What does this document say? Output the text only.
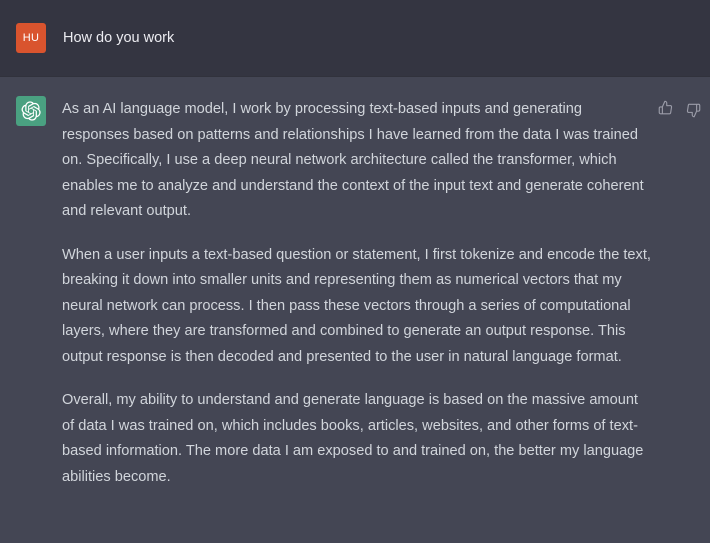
HU How do you work

As an AI language model, I work by processing text-based inputs and generating responses based on patterns and relationships I have learned from the data I was trained on. Specifically, I use a deep neural network architecture called the transformer, which enables me to analyze and understand the context of the input text and generate coherent and relevant output.

When a user inputs a text-based question or statement, I first tokenize and encode the text, breaking it down into smaller units and representing them as numerical vectors that my neural network can process. I then pass these vectors through a series of computational layers, where they are transformed and combined to generate an output response. This output response is then decoded and presented to the user in natural language format.

Overall, my ability to understand and generate language is based on the massive amount of data I was trained on, which includes books, articles, websites, and other forms of text-based information. The more data I am exposed to and trained on, the better my language abilities become.
